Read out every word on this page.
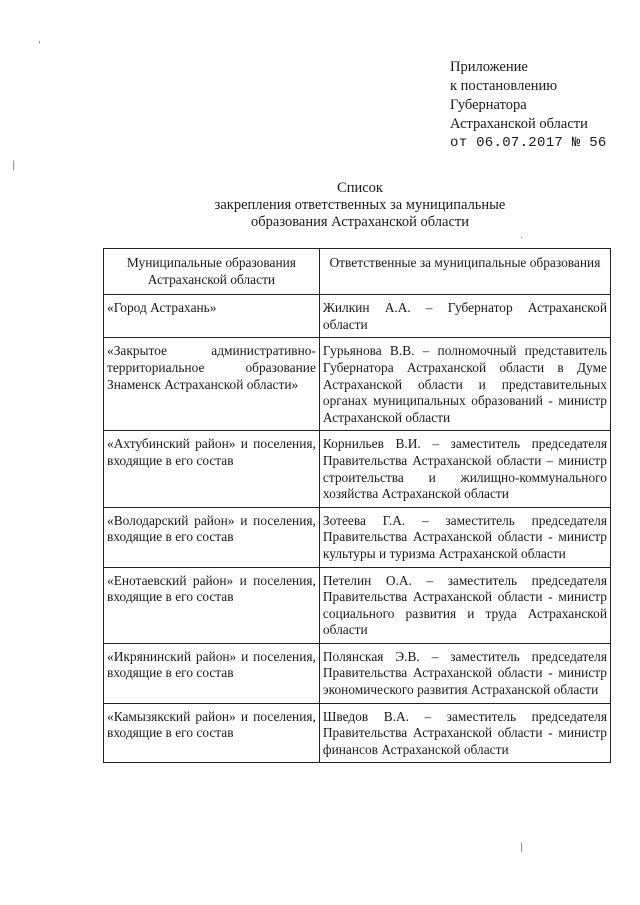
'
|
.
|
Приложение
к постановлению
Губернатора
Астраханской области
от 06.07.2017 № 56
Список
закрепления ответственных за муниципальные
образования Астраханской области
Муниципальные образования Астраханской области	Ответственные за муниципальные образования
«Город Астрахань»	Жилкин А.А. – Губернатор Астраханской области
«Закрытое административно-территориальное образование Знаменск Астраханской области»	Гурьянова В.В. – полномочный представитель Губернатора Астраханской области в Думе Астраханской области и представительных органах муниципальных образований - министр Астраханской области
«Ахтубинский район» и поселения, входящие в его состав	Корнильев В.И. – заместитель председателя Правительства Астраханской области – министр строительства и жилищно-коммунального хозяйства Астраханской области
«Володарский район» и поселения, входящие в его состав	Зотеева Г.А. – заместитель председателя Правительства Астраханской области - министр культуры и туризма Астраханской области
«Енотаевский район» и поселения, входящие в его состав	Петелин О.А. – заместитель председателя Правительства Астраханской области - министр социального развития и труда Астраханской области
«Икрянинский район» и поселения, входящие в его состав	Полянская Э.В. – заместитель председателя Правительства Астраханской области - министр экономического развития Астраханской области
«Камызякский район» и поселения, входящие в его состав	Шведов В.А. – заместитель председателя Правительства Астраханской области - министр финансов Астраханской области
